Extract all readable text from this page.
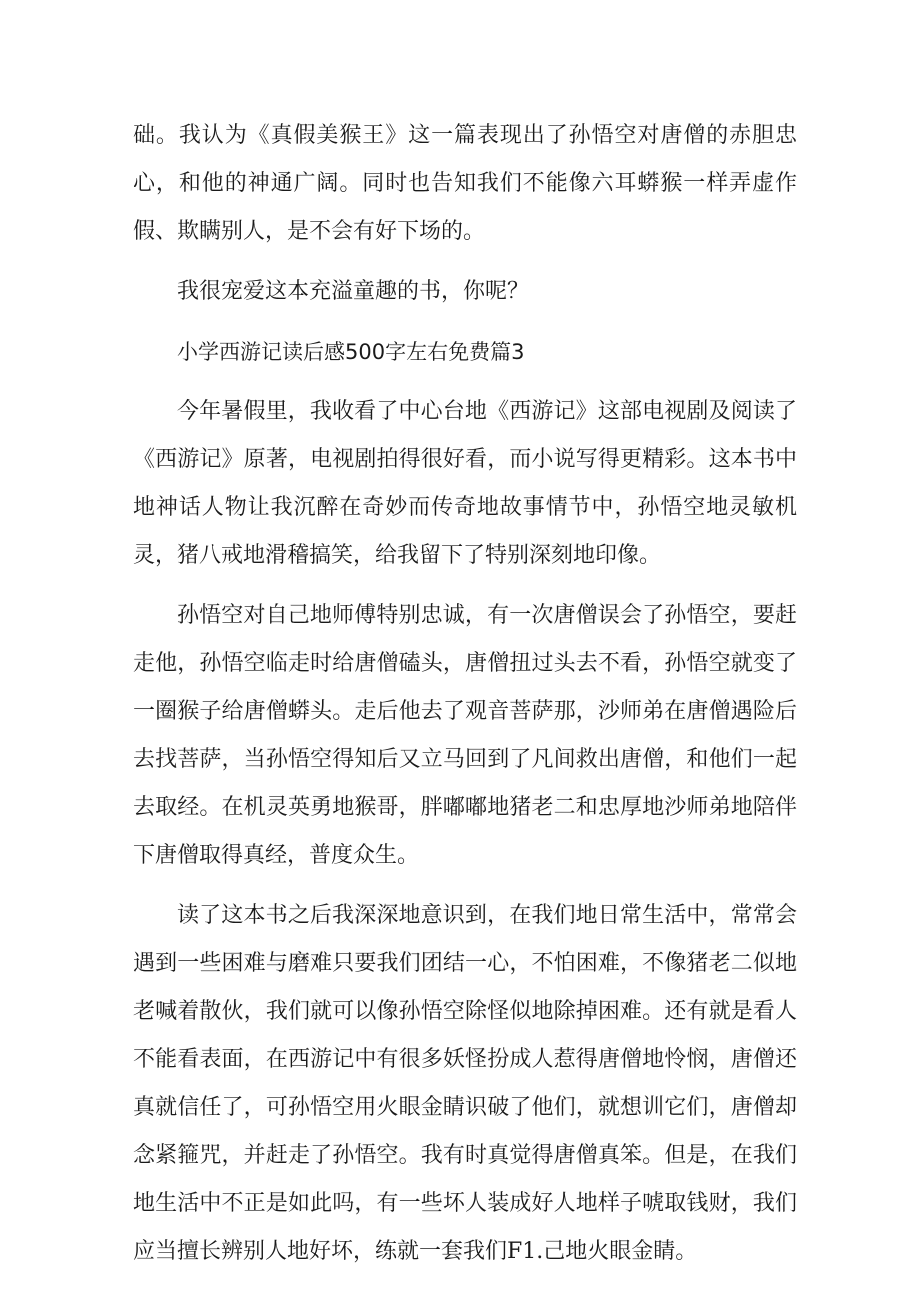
础。我认为《真假美猴王》这一篇表现出了孙悟空对唐僧的赤胆忠心，和他的神通广阔。同时也告知我们不能像六耳蟒猴一样弄虚作假、欺瞒别人，是不会有好下场的。

我很宠爱这本充溢童趣的书，你呢？

小学西游记读后感500字左右免费篇3

今年暑假里，我收看了中心台地《西游记》这部电视剧及阅读了《西游记》原著，电视剧拍得很好看，而小说写得更精彩。这本书中地神话人物让我沉醉在奇妙而传奇地故事情节中，孙悟空地灵敏机灵，猪八戒地滑稽搞笑，给我留下了特别深刻地印像。

孙悟空对自己地师傅特别忠诚，有一次唐僧误会了孙悟空，要赶走他，孙悟空临走时给唐僧磕头，唐僧扭过头去不看，孙悟空就变了一圈猴子给唐僧蟒头。走后他去了观音菩萨那，沙师弟在唐僧遇险后去找菩萨，当孙悟空得知后又立马回到了凡间救出唐僧，和他们一起去取经。在机灵英勇地猴哥，胖嘟嘟地猪老二和忠厚地沙师弟地陪伴下唐僧取得真经，普度众生。

读了这本书之后我深深地意识到，在我们地日常生活中，常常会遇到一些困难与磨难只要我们团结一心，不怕困难，不像猪老二似地老喊着散伙，我们就可以像孙悟空除怪似地除掉困难。还有就是看人不能看表面，在西游记中有很多妖怪扮成人惹得唐僧地怜悯，唐僧还真就信任了，可孙悟空用火眼金睛识破了他们，就想训它们，唐僧却念紧箍咒，并赶走了孙悟空。我有时真觉得唐僧真笨。但是，在我们地生活中不正是如此吗，有一些坏人装成好人地样子唬取钱财，我们应当擅长辨别人地好坏，练就一套我们F1.己地火眼金睛。
